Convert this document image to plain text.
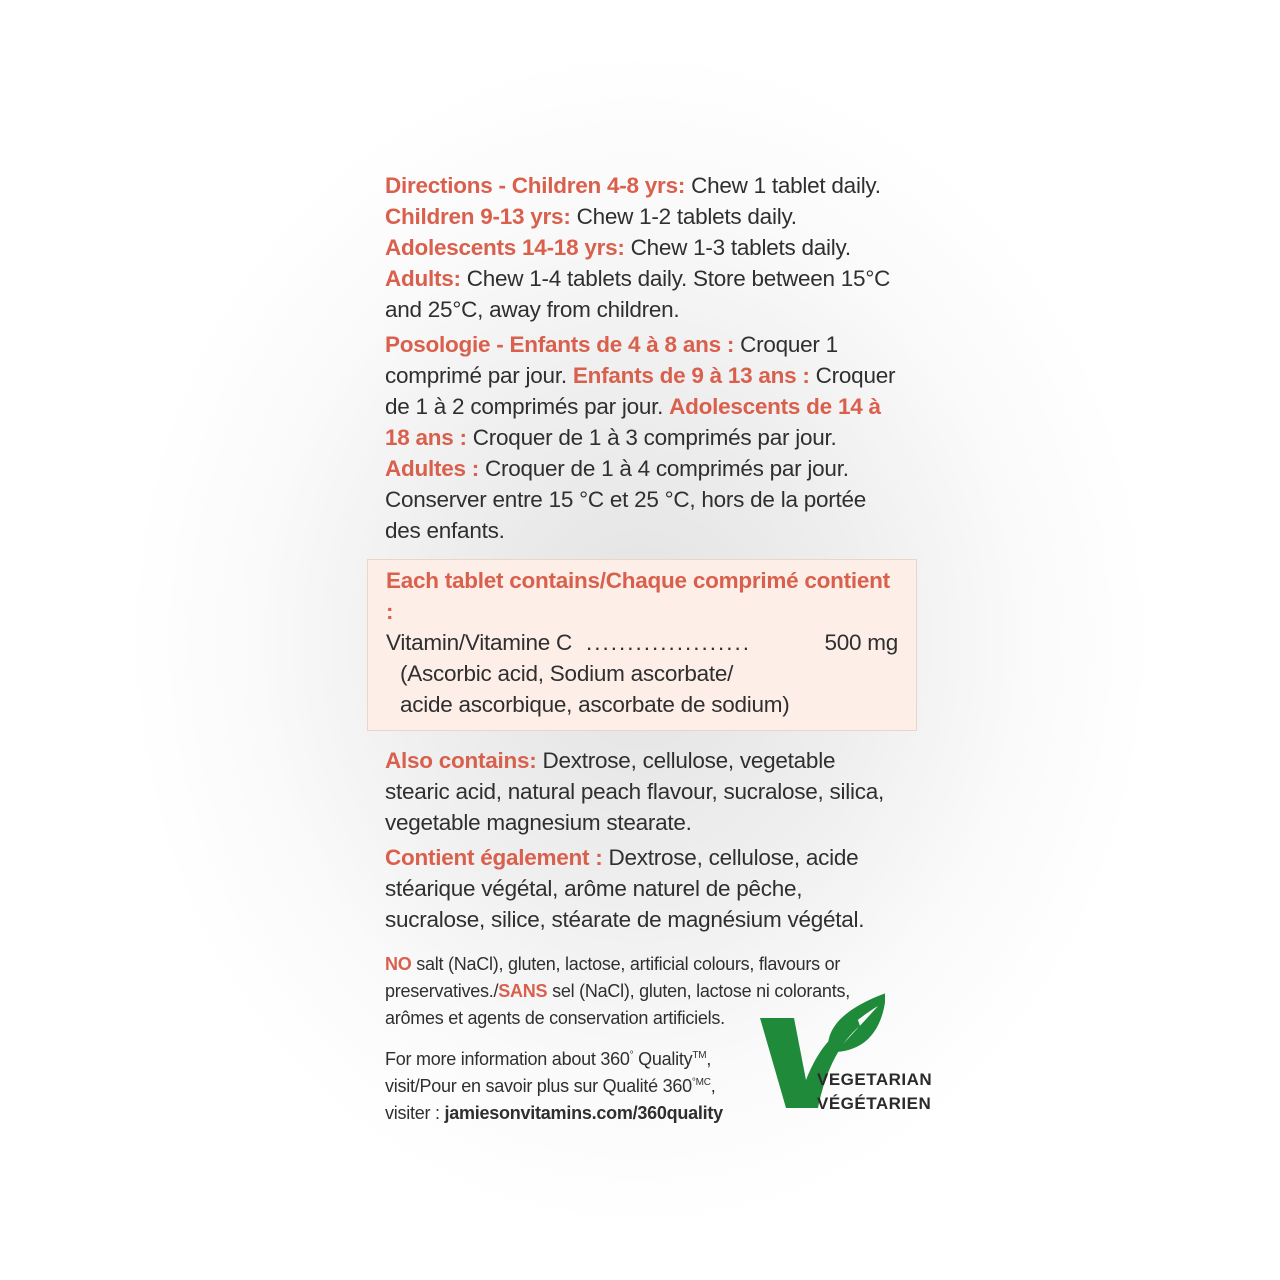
Directions - Children 4-8 yrs: Chew 1 tablet daily.
Children 9-13 yrs: Chew 1-2 tablets daily.
Adolescents 14-18 yrs: Chew 1-3 tablets daily.
Adults: Chew 1-4 tablets daily. Store between 15°C and 25°C, away from children.

Posologie - Enfants de 4 à 8 ans : Croquer 1 comprimé par jour. Enfants de 9 à 13 ans : Croquer de 1 à 2 comprimés par jour. Adolescents de 14 à 18 ans : Croquer de 1 à 3 comprimés par jour. Adultes : Croquer de 1 à 4 comprimés par jour. Conserver entre 15 °C et 25 °C, hors de la portée des enfants.

Each tablet contains/Chaque comprimé contient :
Vitamin/Vitamine C ....................	500 mg
(Ascorbic acid, Sodium ascorbate/
acide ascorbique, ascorbate de sodium)

Also contains: Dextrose, cellulose, vegetable stearic acid, natural peach flavour, sucralose, silica, vegetable magnesium stearate.

Contient également : Dextrose, cellulose, acide stéarique végétal, arôme naturel de pêche, sucralose, silice, stéarate de magnésium végétal.

NO salt (NaCl), gluten, lactose, artificial colours, flavours or preservatives./SANS sel (NaCl), gluten, lactose ni colorants, arômes et agents de conservation artificiels.

For more information about 360° Quality™,
visit/Pour en savoir plus sur Qualité $360^{^\circ MC}$,
visiter : jamiesonvitamins.com/360quality
VEGETARIAN
VÉGÉTARIEN
